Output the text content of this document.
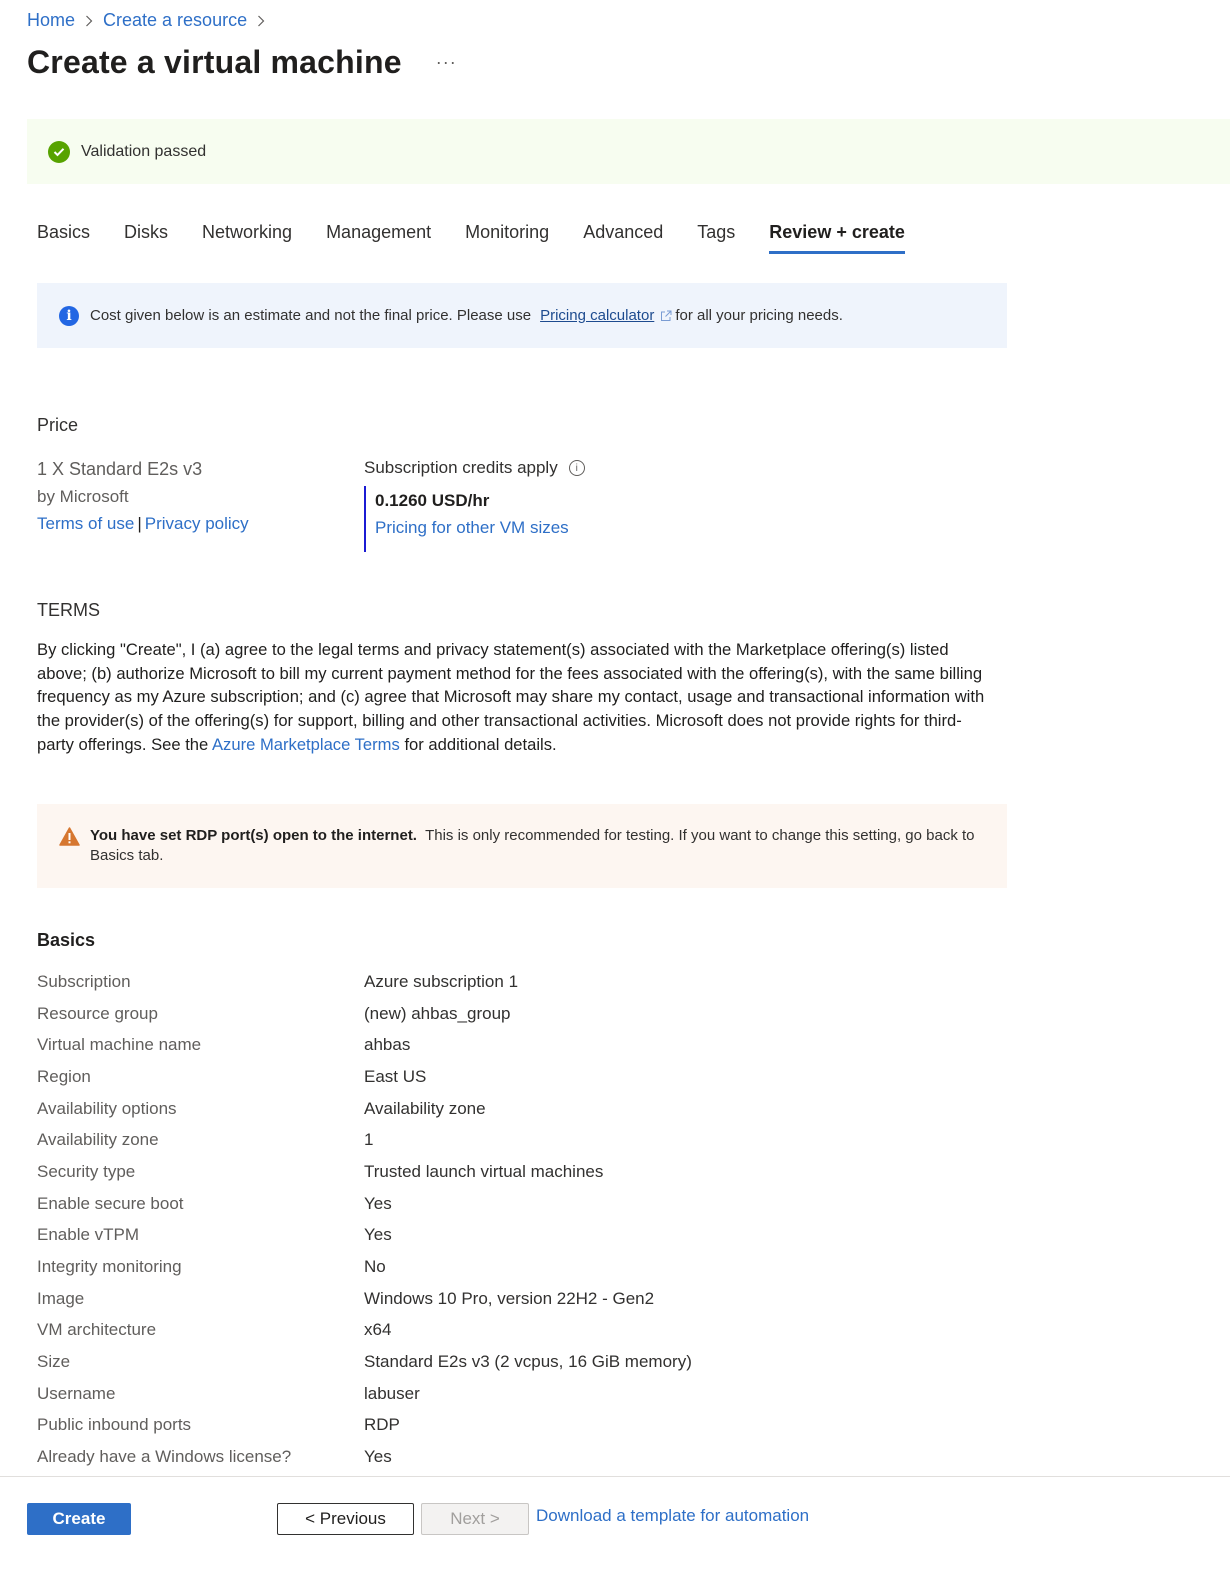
Home Create a resource
Create a virtual machine ···
Validation passed
Basics Disks Networking Management Monitoring Advanced Tags Review + create
i	Cost given below is an estimate and not the final price. Please use Pricing calculator for all your pricing needs.
Price
1 X Standard E2s v3
by Microsoft
Terms of use | Privacy policy
Subscription credits apply	i
0.1260 USD/hr
Pricing for other VM sizes
TERMS

By clicking "Create", I (a) agree to the legal terms and privacy statement(s) associated with the Marketplace offering(s) listed above; (b) authorize Microsoft to bill my current payment method for the fees associated with the offering(s), with the same billing frequency as my Azure subscription; and (c) agree that Microsoft may share my contact, usage and transactional information with the provider(s) of the offering(s) for support, billing and other transactional activities. Microsoft does not provide rights for third-party offerings. See the Azure Marketplace Terms for additional details.

You have set RDP port(s) open to the internet. This is only recommended for testing. If you want to change this setting, go back to Basics tab.
Basics
Subscription	Azure subscription 1
Resource group	(new) ahbas_group
Virtual machine name	ahbas
Region	East US
Availability options	Availability zone
Availability zone	1
Security type	Trusted launch virtual machines
Enable secure boot	Yes
Enable vTPM	Yes
Integrity monitoring	No
Image	Windows 10 Pro, version 22H2 - Gen2
VM architecture	x64
Size	Standard E2s v3 (2 vcpus, 16 GiB memory)
Username	labuser
Public inbound ports	RDP
Already have a Windows license?	Yes
Create	< Previous	Next >	Download a template for automation
